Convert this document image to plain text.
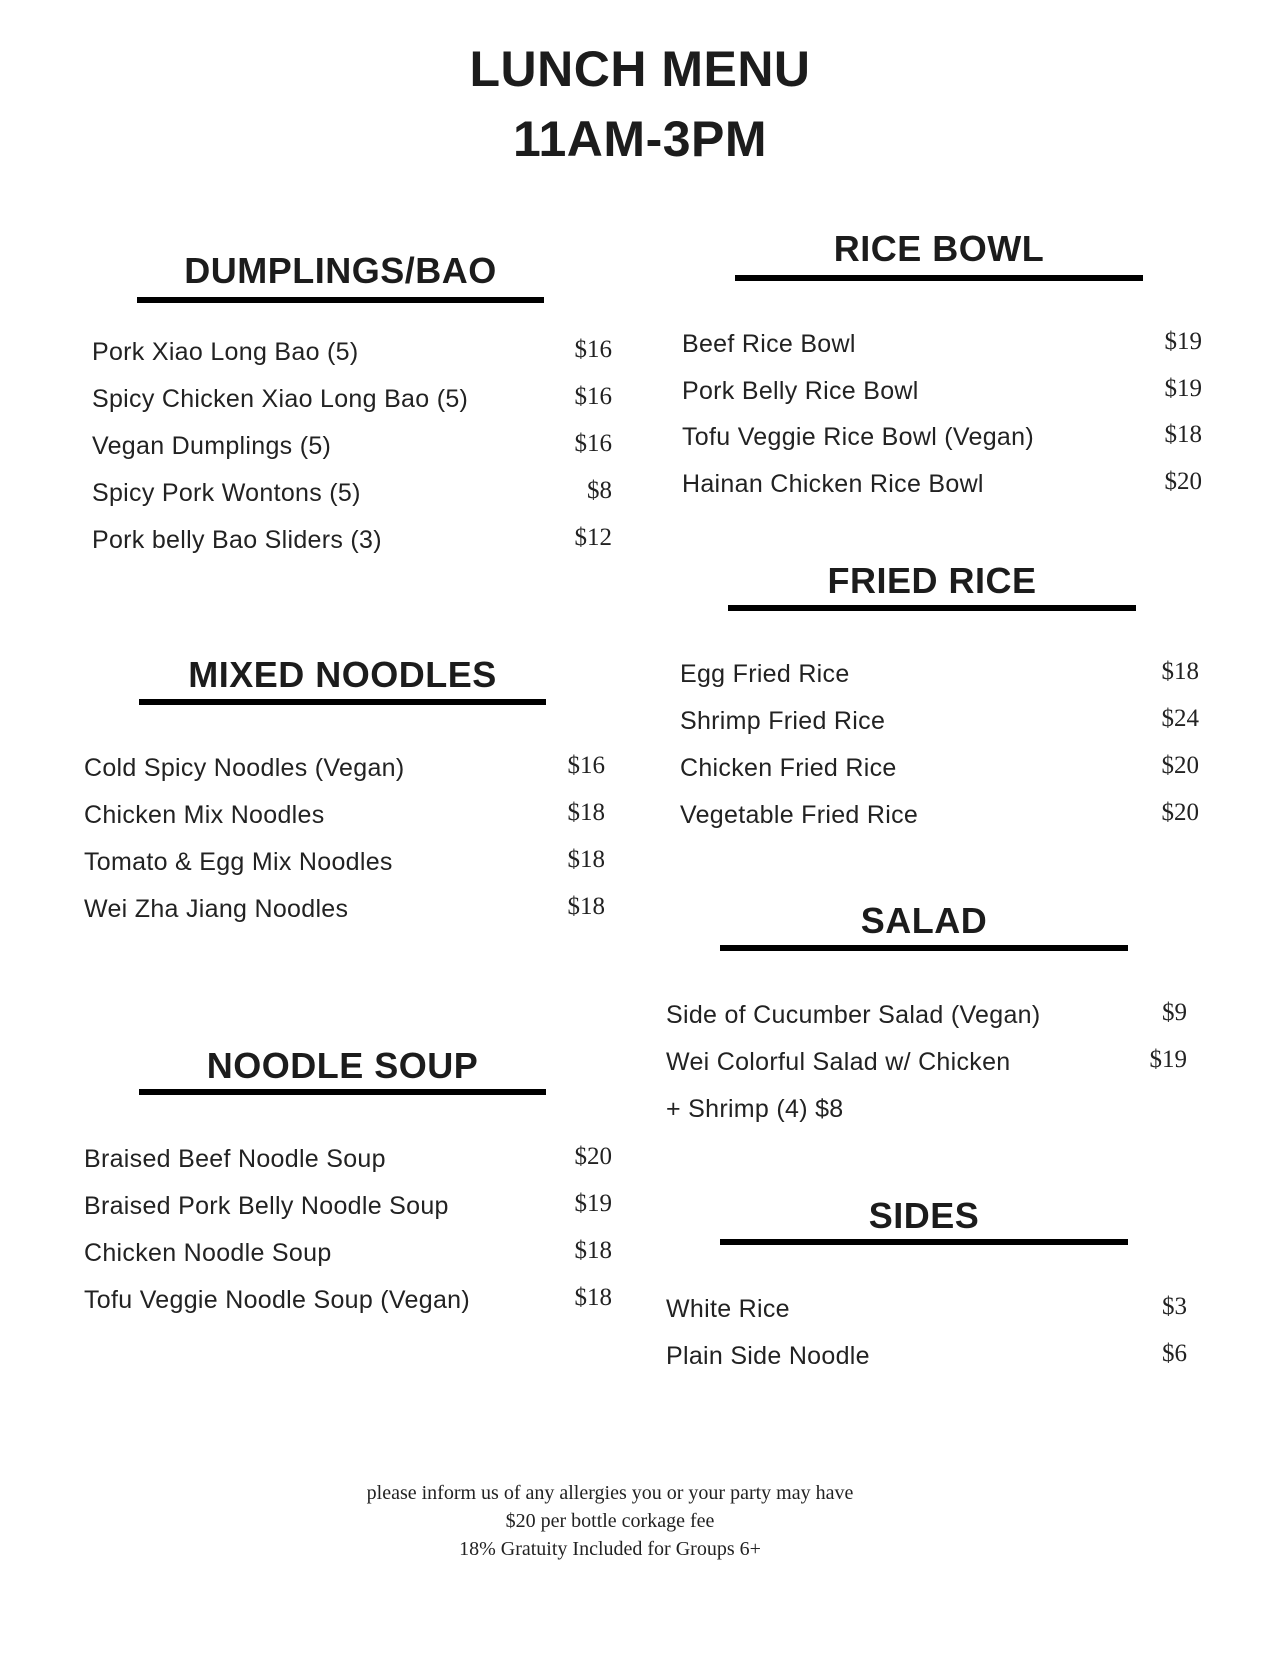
LUNCH MENU
11AM-3PM
DUMPLINGS/BAO
Pork Xiao Long Bao (5)	$16
Spicy Chicken Xiao Long Bao (5)	$16
Vegan Dumplings (5)	$16
Spicy Pork Wontons (5)	$8
Pork belly Bao Sliders (3)	$12
MIXED NOODLES
Cold Spicy Noodles (Vegan)	$16
Chicken Mix Noodles	$18
Tomato & Egg Mix Noodles	$18
Wei Zha Jiang Noodles	$18
NOODLE SOUP
Braised Beef Noodle Soup	$20
Braised Pork Belly Noodle Soup	$19
Chicken Noodle Soup	$18
Tofu Veggie Noodle Soup (Vegan)	$18
RICE BOWL
Beef Rice Bowl	$19
Pork Belly Rice Bowl	$19
Tofu Veggie Rice Bowl (Vegan)	$18
Hainan Chicken Rice Bowl	$20
FRIED RICE
Egg Fried Rice	$18
Shrimp Fried Rice	$24
Chicken Fried Rice	$20
Vegetable Fried Rice	$20
SALAD
Side of Cucumber Salad (Vegan)	$9
Wei Colorful Salad w/ Chicken	$19
+ Shrimp (4) $8
SIDES
White Rice	$3
Plain Side Noodle	$6
please inform us of any allergies you or your party may have
$20 per bottle corkage fee
18% Gratuity Included for Groups 6+
